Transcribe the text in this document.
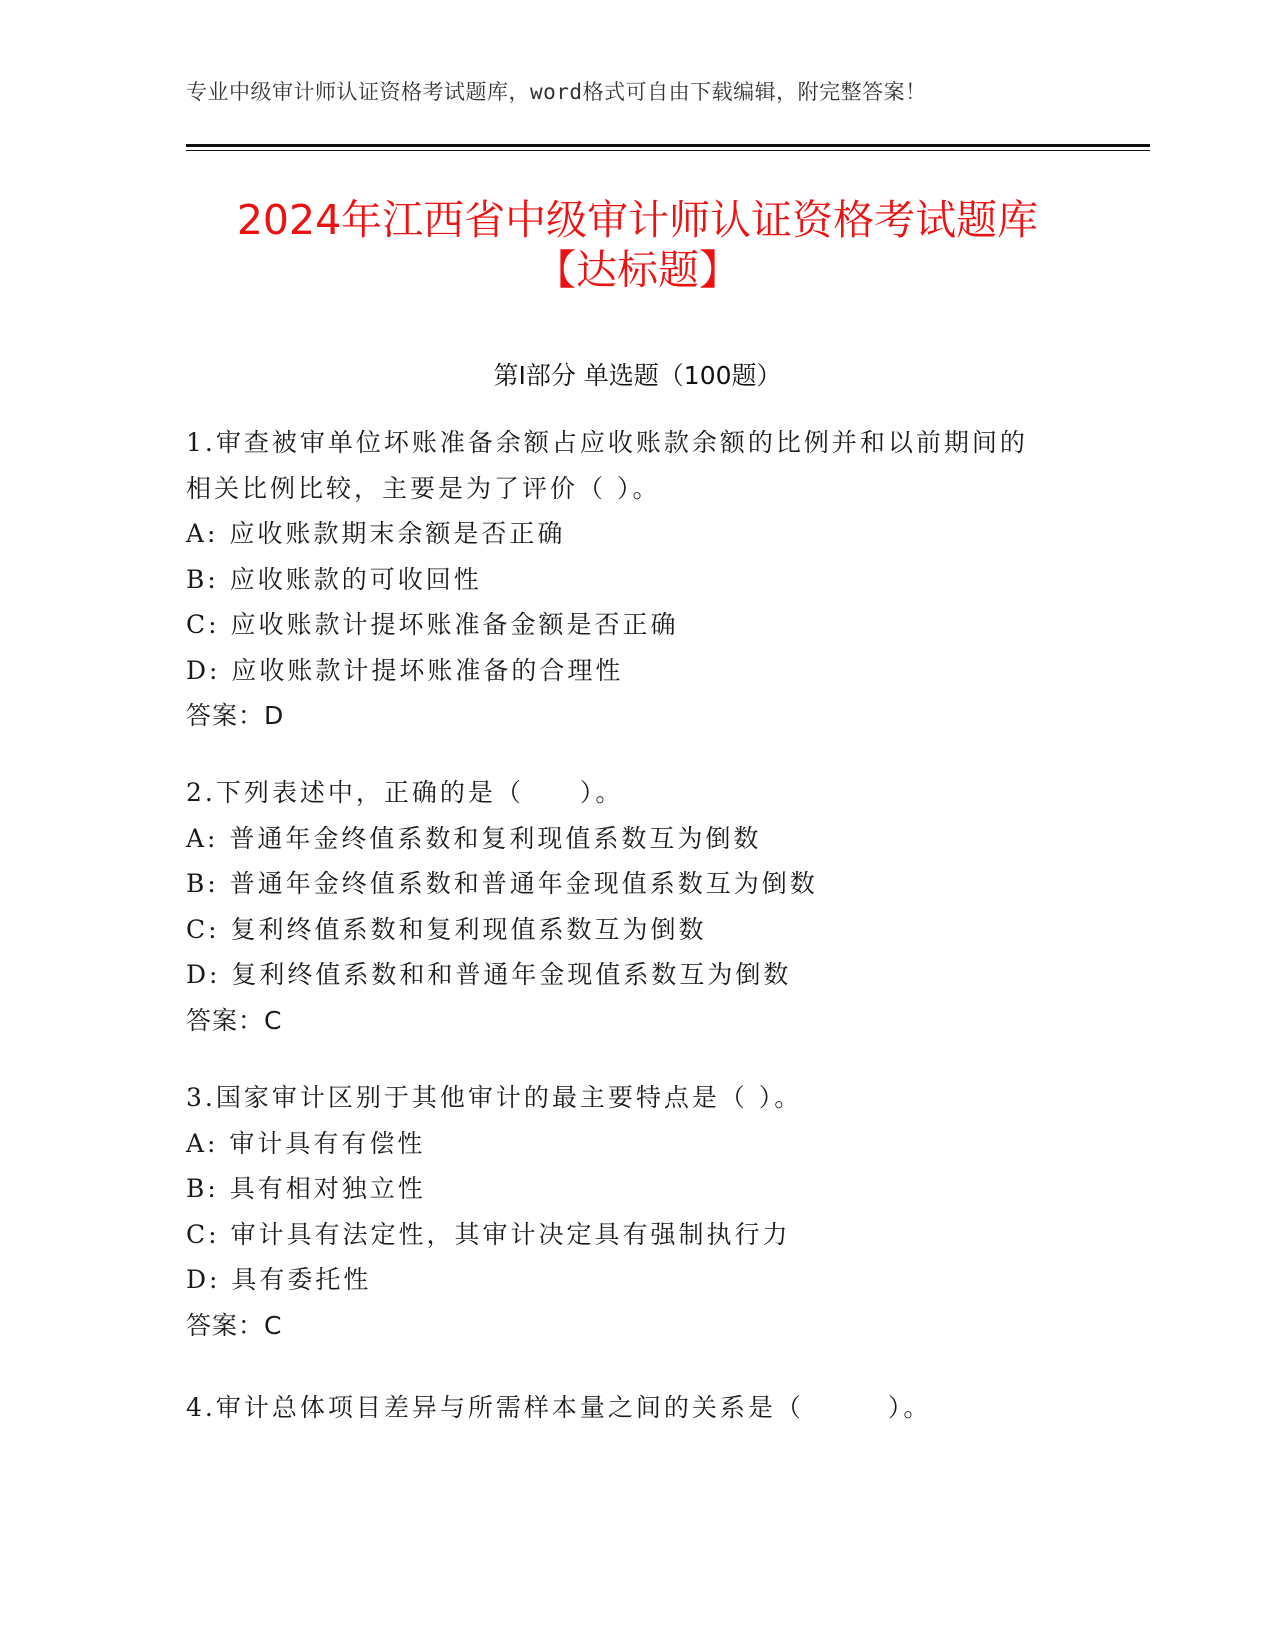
专业中级审计师认证资格考试题库，word格式可自由下载编辑，附完整答案！
2024年江西省中级审计师认证资格考试题库
【达标题】
第Ⅰ部分 单选题（100题）
1.审查被审单位坏账准备余额占应收账款余额的比例并和以前期间的
相关比例比较，主要是为了评价（ ）。
A: 应收账款期末余额是否正确
B: 应收账款的可收回性
C: 应收账款计提坏账准备金额是否正确
D: 应收账款计提坏账准备的合理性
答案：D
2.下列表述中，正确的是（　　）。
A: 普通年金终值系数和复利现值系数互为倒数
B: 普通年金终值系数和普通年金现值系数互为倒数
C: 复利终值系数和复利现值系数互为倒数
D: 复利终值系数和和普通年金现值系数互为倒数
答案：C
3.国家审计区别于其他审计的最主要特点是（ ）。
A: 审计具有有偿性
B: 具有相对独立性
C: 审计具有法定性，其审计决定具有强制执行力
D: 具有委托性
答案：C
4.审计总体项目差异与所需样本量之间的关系是（　　　）。
